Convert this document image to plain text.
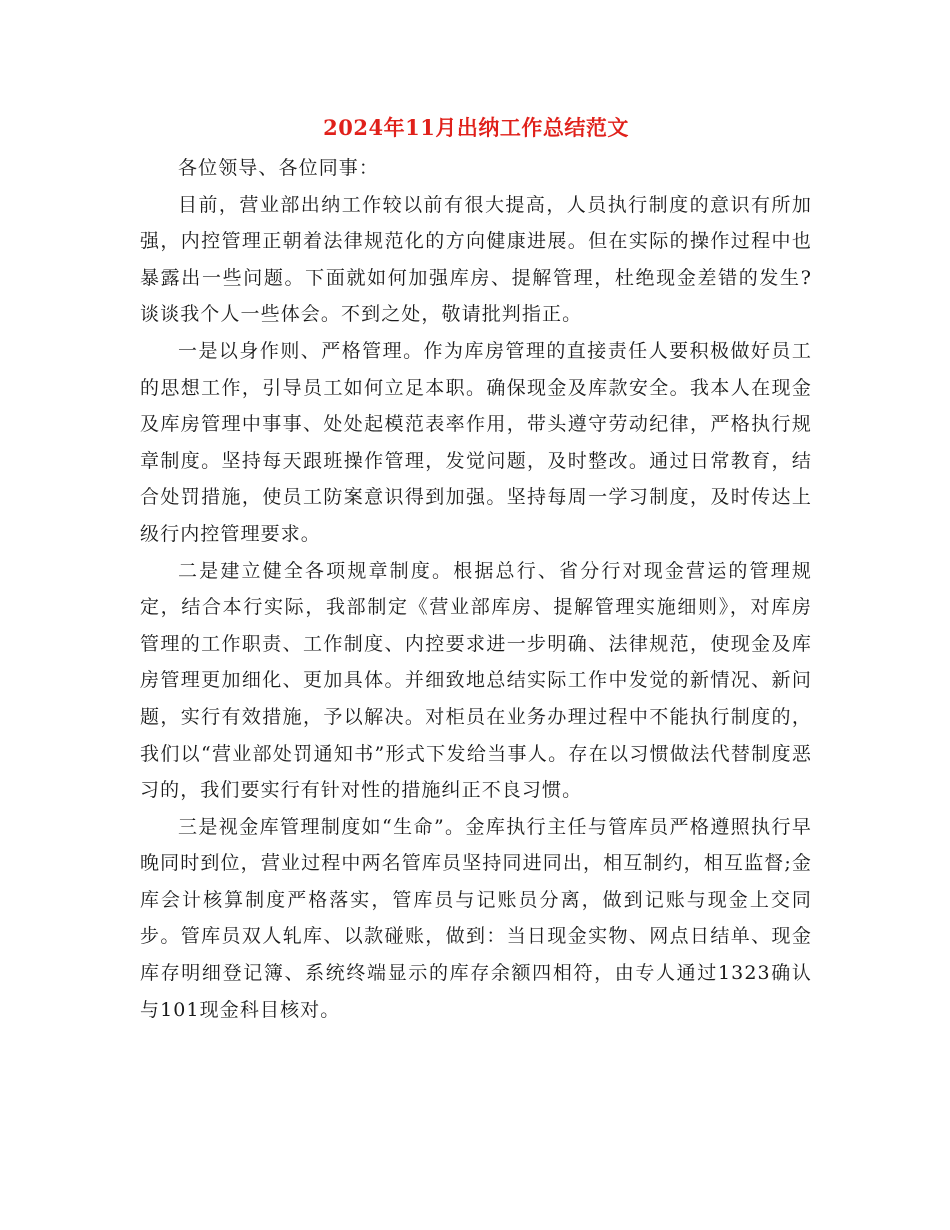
2024年11月出纳工作总结范文

各位领导、各位同事：

目前，营业部出纳工作较以前有很大提高，人员执行制度的意识有所加强，内控管理正朝着法律规范化的方向健康进展。但在实际的操作过程中也暴露出一些问题。下面就如何加强库房、提解管理，杜绝现金差错的发生?谈谈我个人一些体会。不到之处，敬请批判指正。

一是以身作则、严格管理。作为库房管理的直接责任人要积极做好员工的思想工作，引导员工如何立足本职。确保现金及库款安全。我本人在现金及库房管理中事事、处处起模范表率作用，带头遵守劳动纪律，严格执行规章制度。坚持每天跟班操作管理，发觉问题，及时整改。通过日常教育，结合处罚措施，使员工防案意识得到加强。坚持每周一学习制度，及时传达上级行内控管理要求。

二是建立健全各项规章制度。根据总行、省分行对现金营运的管理规定，结合本行实际，我部制定《营业部库房、提解管理实施细则》，对库房管理的工作职责、工作制度、内控要求进一步明确、法律规范，使现金及库房管理更加细化、更加具体。并细致地总结实际工作中发觉的新情况、新问题，实行有效措施，予以解决。对柜员在业务办理过程中不能执行制度的，我们以“营业部处罚通知书”形式下发给当事人。存在以习惯做法代替制度恶习的，我们要实行有针对性的措施纠正不良习惯。

三是视金库管理制度如“生命”。金库执行主任与管库员严格遵照执行早晚同时到位，营业过程中两名管库员坚持同进同出，相互制约，相互监督;金库会计核算制度严格落实，管库员与记账员分离，做到记账与现金上交同步。管库员双人轧库、以款碰账，做到：当日现金实物、网点日结单、现金库存明细登记簿、系统终端显示的库存余额四相符，由专人通过1323确认与101现金科目核对。
